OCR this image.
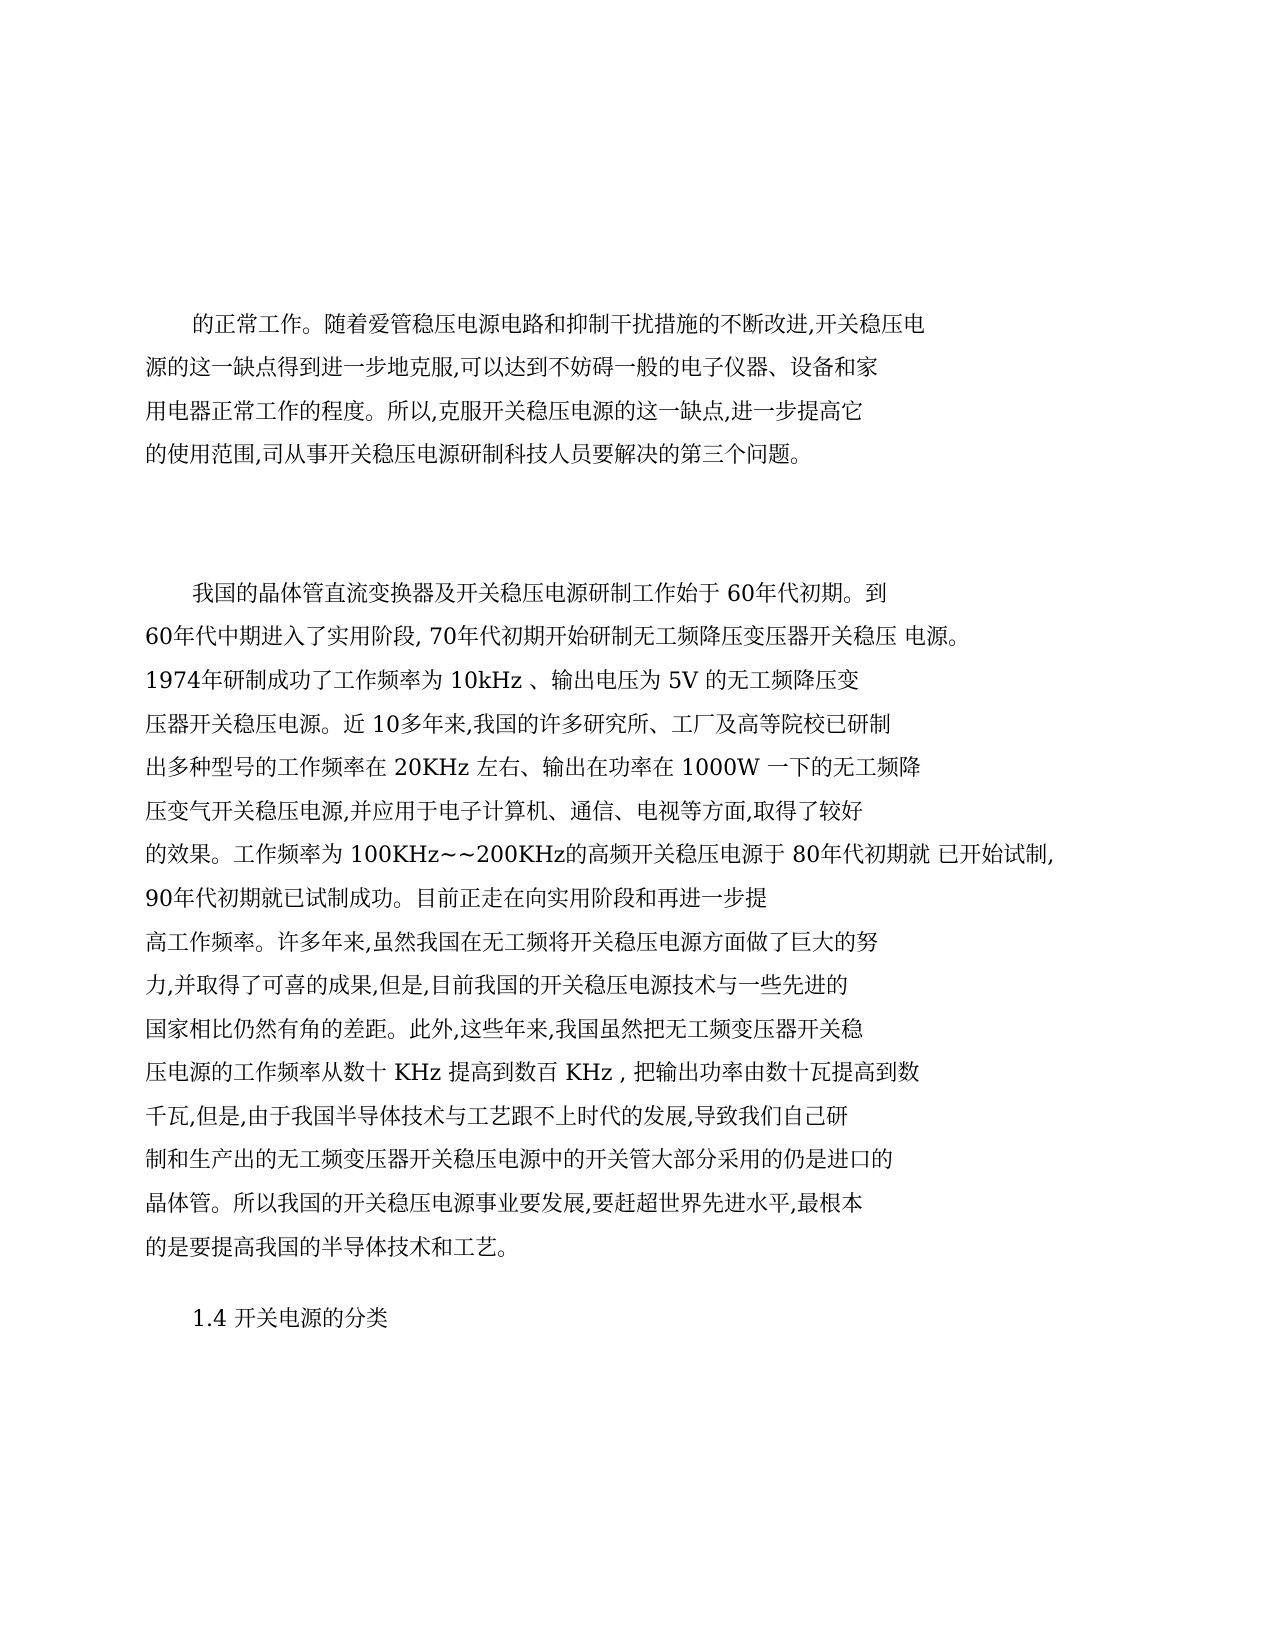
的正常工作。随着爱管稳压电源电路和抑制干扰措施的不断改进,开关稳压电
源的这一缺点得到进一步地克服,可以达到不妨碍一般的电子仪器、设备和家
用电器正常工作的程度。所以,克服开关稳压电源的这一缺点,进一步提高它
的使用范围,司从事开关稳压电源研制科技人员要解决的第三个问题。
我国的晶体管直流变换器及开关稳压电源研制工作始于 60年代初期。到
60年代中期进入了实用阶段, 70年代初期开始研制无工频降压变压器开关稳压 电源。
1974年研制成功了工作频率为 10kHz 、输出电压为 5V 的无工频降压变
压器开关稳压电源。近 10多年来,我国的许多研究所、工厂及高等院校已研制
出多种型号的工作频率在 20KHz 左右、输出在功率在 1000W 一下的无工频降
压变气开关稳压电源,并应用于电子计算机、通信、电视等方面,取得了较好
的效果。工作频率为 100KHz~~200KHz的高频开关稳压电源于 80年代初期就 已开始试制,
90年代初期就已试制成功。目前正走在向实用阶段和再进一步提
高工作频率。许多年来,虽然我国在无工频将开关稳压电源方面做了巨大的努
力,并取得了可喜的成果,但是,目前我国的开关稳压电源技术与一些先进的
国家相比仍然有角的差距。此外,这些年来,我国虽然把无工频变压器开关稳
压电源的工作频率从数十 KHz 提高到数百 KHz , 把输出功率由数十瓦提高到数
千瓦,但是,由于我国半导体技术与工艺跟不上时代的发展,导致我们自己研
制和生产出的无工频变压器开关稳压电源中的开关管大部分采用的仍是进口的
晶体管。所以我国的开关稳压电源事业要发展,要赶超世界先进水平,最根本
的是要提高我国的半导体技术和工艺。
1.4 开关电源的分类
